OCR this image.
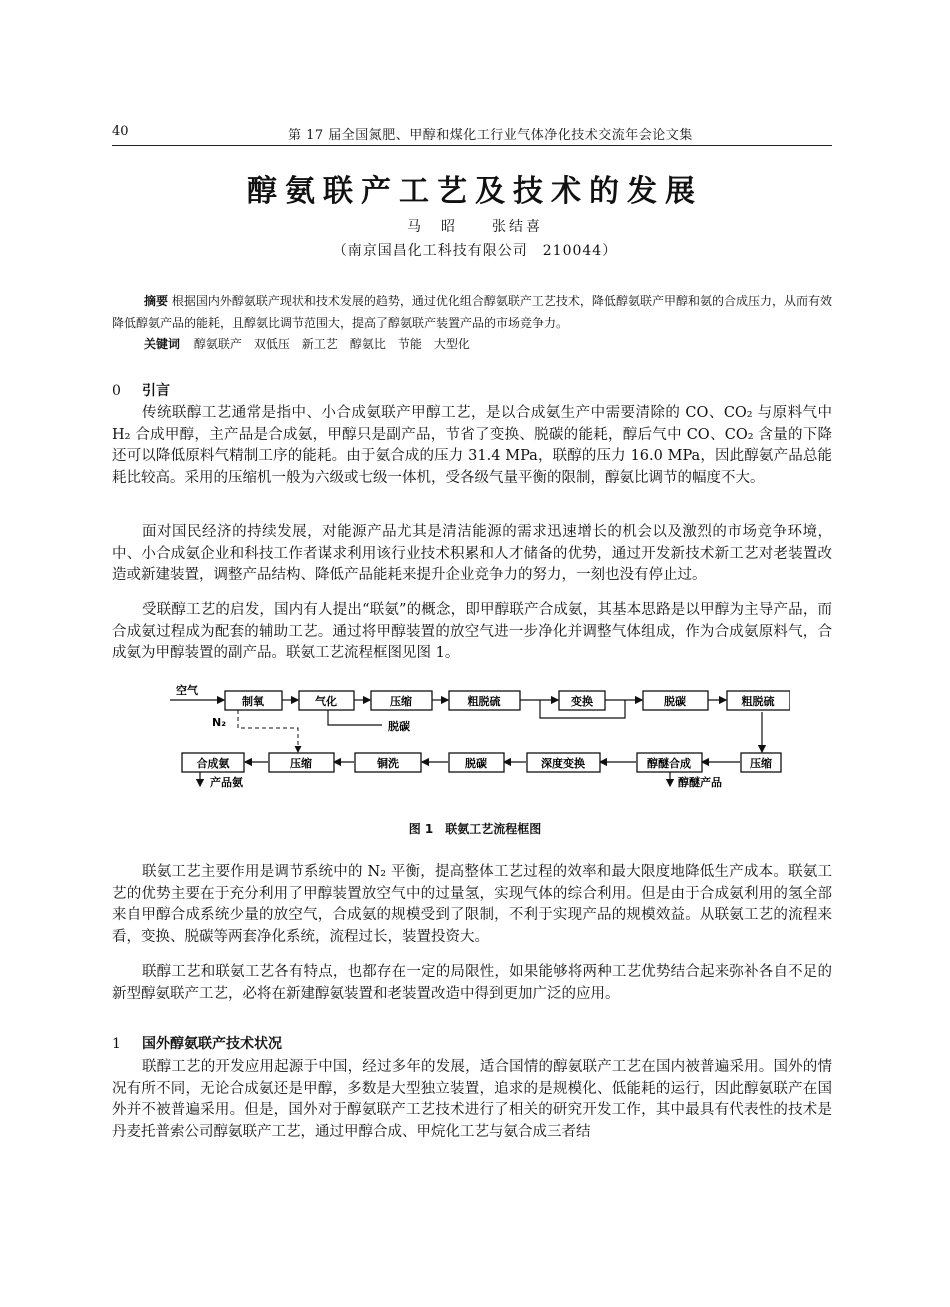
40	第 17 届全国氮肥、甲醇和煤化工行业气体净化技术交流年会论文集
醇氨联产工艺及技术的发展
马　昭　　张结喜
（南京国昌化工科技有限公司　210044）
摘要 根据国内外醇氨联产现状和技术发展的趋势，通过优化组合醇氨联产工艺技术，降低醇氨联产甲醇和氨的合成压力，从而有效降低醇氨产品的能耗，且醇氨比调节范围大，提高了醇氨联产装置产品的市场竞争力。
关键词 醇氨联产　双低压　新工艺　醇氨比　节能　大型化
0 引言
传统联醇工艺通常是指中、小合成氨联产甲醇工艺，是以合成氨生产中需要清除的 CO、CO₂ 与原料气中 H₂ 合成甲醇，主产品是合成氨，甲醇只是副产品，节省了变换、脱碳的能耗，醇后气中 CO、CO₂ 含量的下降还可以降低原料气精制工序的能耗。由于氨合成的压力 31.4 MPa，联醇的压力 16.0 MPa，因此醇氨产品总能耗比较高。采用的压缩机一般为六级或七级一体机，受各级气量平衡的限制，醇氨比调节的幅度不大。
面对国民经济的持续发展，对能源产品尤其是清洁能源的需求迅速增长的机会以及激烈的市场竞争环境，中、小合成氨企业和科技工作者谋求利用该行业技术积累和人才储备的优势，通过开发新技术新工艺对老装置改造或新建装置，调整产品结构、降低产品能耗来提升企业竞争力的努力，一刻也没有停止过。
受联醇工艺的启发，国内有人提出“联氨”的概念，即甲醇联产合成氨，其基本思路是以甲醇为主导产品，而合成氨过程成为配套的辅助工艺。通过将甲醇装置的放空气进一步净化并调整气体组成，作为合成氨原料气，合成氨为甲醇装置的副产品。联氨工艺流程框图见图 1。
空气
N₂	脱碳
产品氨	醇醚产品
制氧	气化	压缩	粗脱硫	变换	脱碳	粗脱硫
合成氨	压缩	铜洗	脱碳	深度变换	醇醚合成	压缩
图 1　联氨工艺流程框图
联氨工艺主要作用是调节系统中的 N₂ 平衡，提高整体工艺过程的效率和最大限度地降低生产成本。联氨工艺的优势主要在于充分利用了甲醇装置放空气中的过量氢，实现气体的综合利用。但是由于合成氨利用的氢全部来自甲醇合成系统少量的放空气，合成氨的规模受到了限制，不利于实现产品的规模效益。从联氨工艺的流程来看，变换、脱碳等两套净化系统，流程过长，装置投资大。
联醇工艺和联氨工艺各有特点，也都存在一定的局限性，如果能够将两种工艺优势结合起来弥补各自不足的新型醇氨联产工艺，必将在新建醇氨装置和老装置改造中得到更加广泛的应用。
1 国外醇氨联产技术状况
联醇工艺的开发应用起源于中国，经过多年的发展，适合国情的醇氨联产工艺在国内被普遍采用。国外的情况有所不同，无论合成氨还是甲醇，多数是大型独立装置，追求的是规模化、低能耗的运行，因此醇氨联产在国外并不被普遍采用。但是，国外对于醇氨联产工艺技术进行了相关的研究开发工作，其中最具有代表性的技术是丹麦托普索公司醇氨联产工艺，通过甲醇合成、甲烷化工艺与氨合成三者结
